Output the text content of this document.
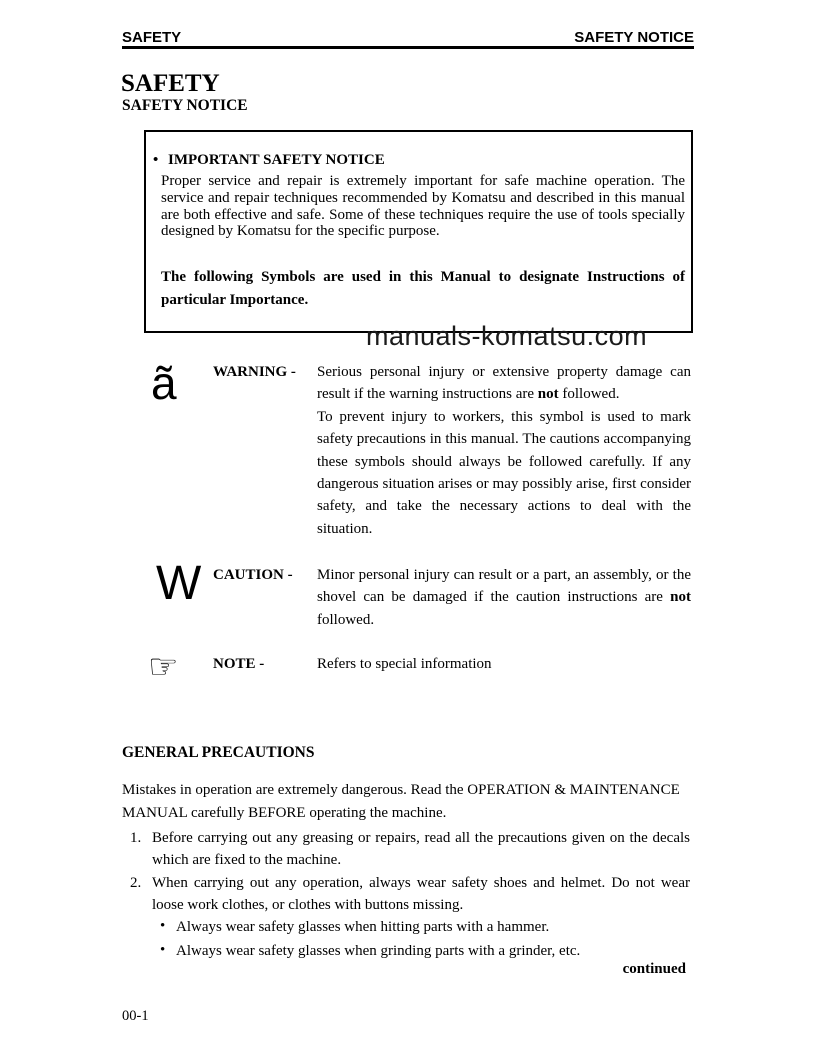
SAFETY	SAFETY NOTICE
SAFETY
SAFETY NOTICE
• IMPORTANT SAFETY NOTICE
Proper service and repair is extremely important for safe machine operation. The service and repair techniques recommended by Komatsu and described in this manual are both effective and safe. Some of these techniques require the use of tools specially designed by Komatsu for the specific purpose.
The following Symbols are used in this Manual to designate Instructions of particular Importance.
manuals-komatsu.com
ã WARNING - Serious personal injury or extensive property damage can result if the warning instructions are not followed.

To prevent injury to workers, this symbol is used to mark safety precautions in this manual. The cautions accompanying these symbols should always be followed carefully. If any dangerous situation arises or may possibly arise, first consider safety, and take the necessary actions to deal with the situation.

W CAUTION - Minor personal injury can result or a part, an assembly, or the shovel can be damaged if the caution instructions are not followed.

☞ NOTE -	Refers to special information
GENERAL PRECAUTIONS
Mistakes in operation are extremely dangerous. Read the OPERATION & MAINTENANCE MANUAL carefully BEFORE operating the machine.
1. Before carrying out any greasing or repairs, read all the precautions given on the decals which are fixed to the machine.
2. When carrying out any operation, always wear safety shoes and helmet. Do not wear loose work clothes, or clothes with buttons missing.
• Always wear safety glasses when hitting parts with a hammer.
• Always wear safety glasses when grinding parts with a grinder, etc.
continued
00-1
